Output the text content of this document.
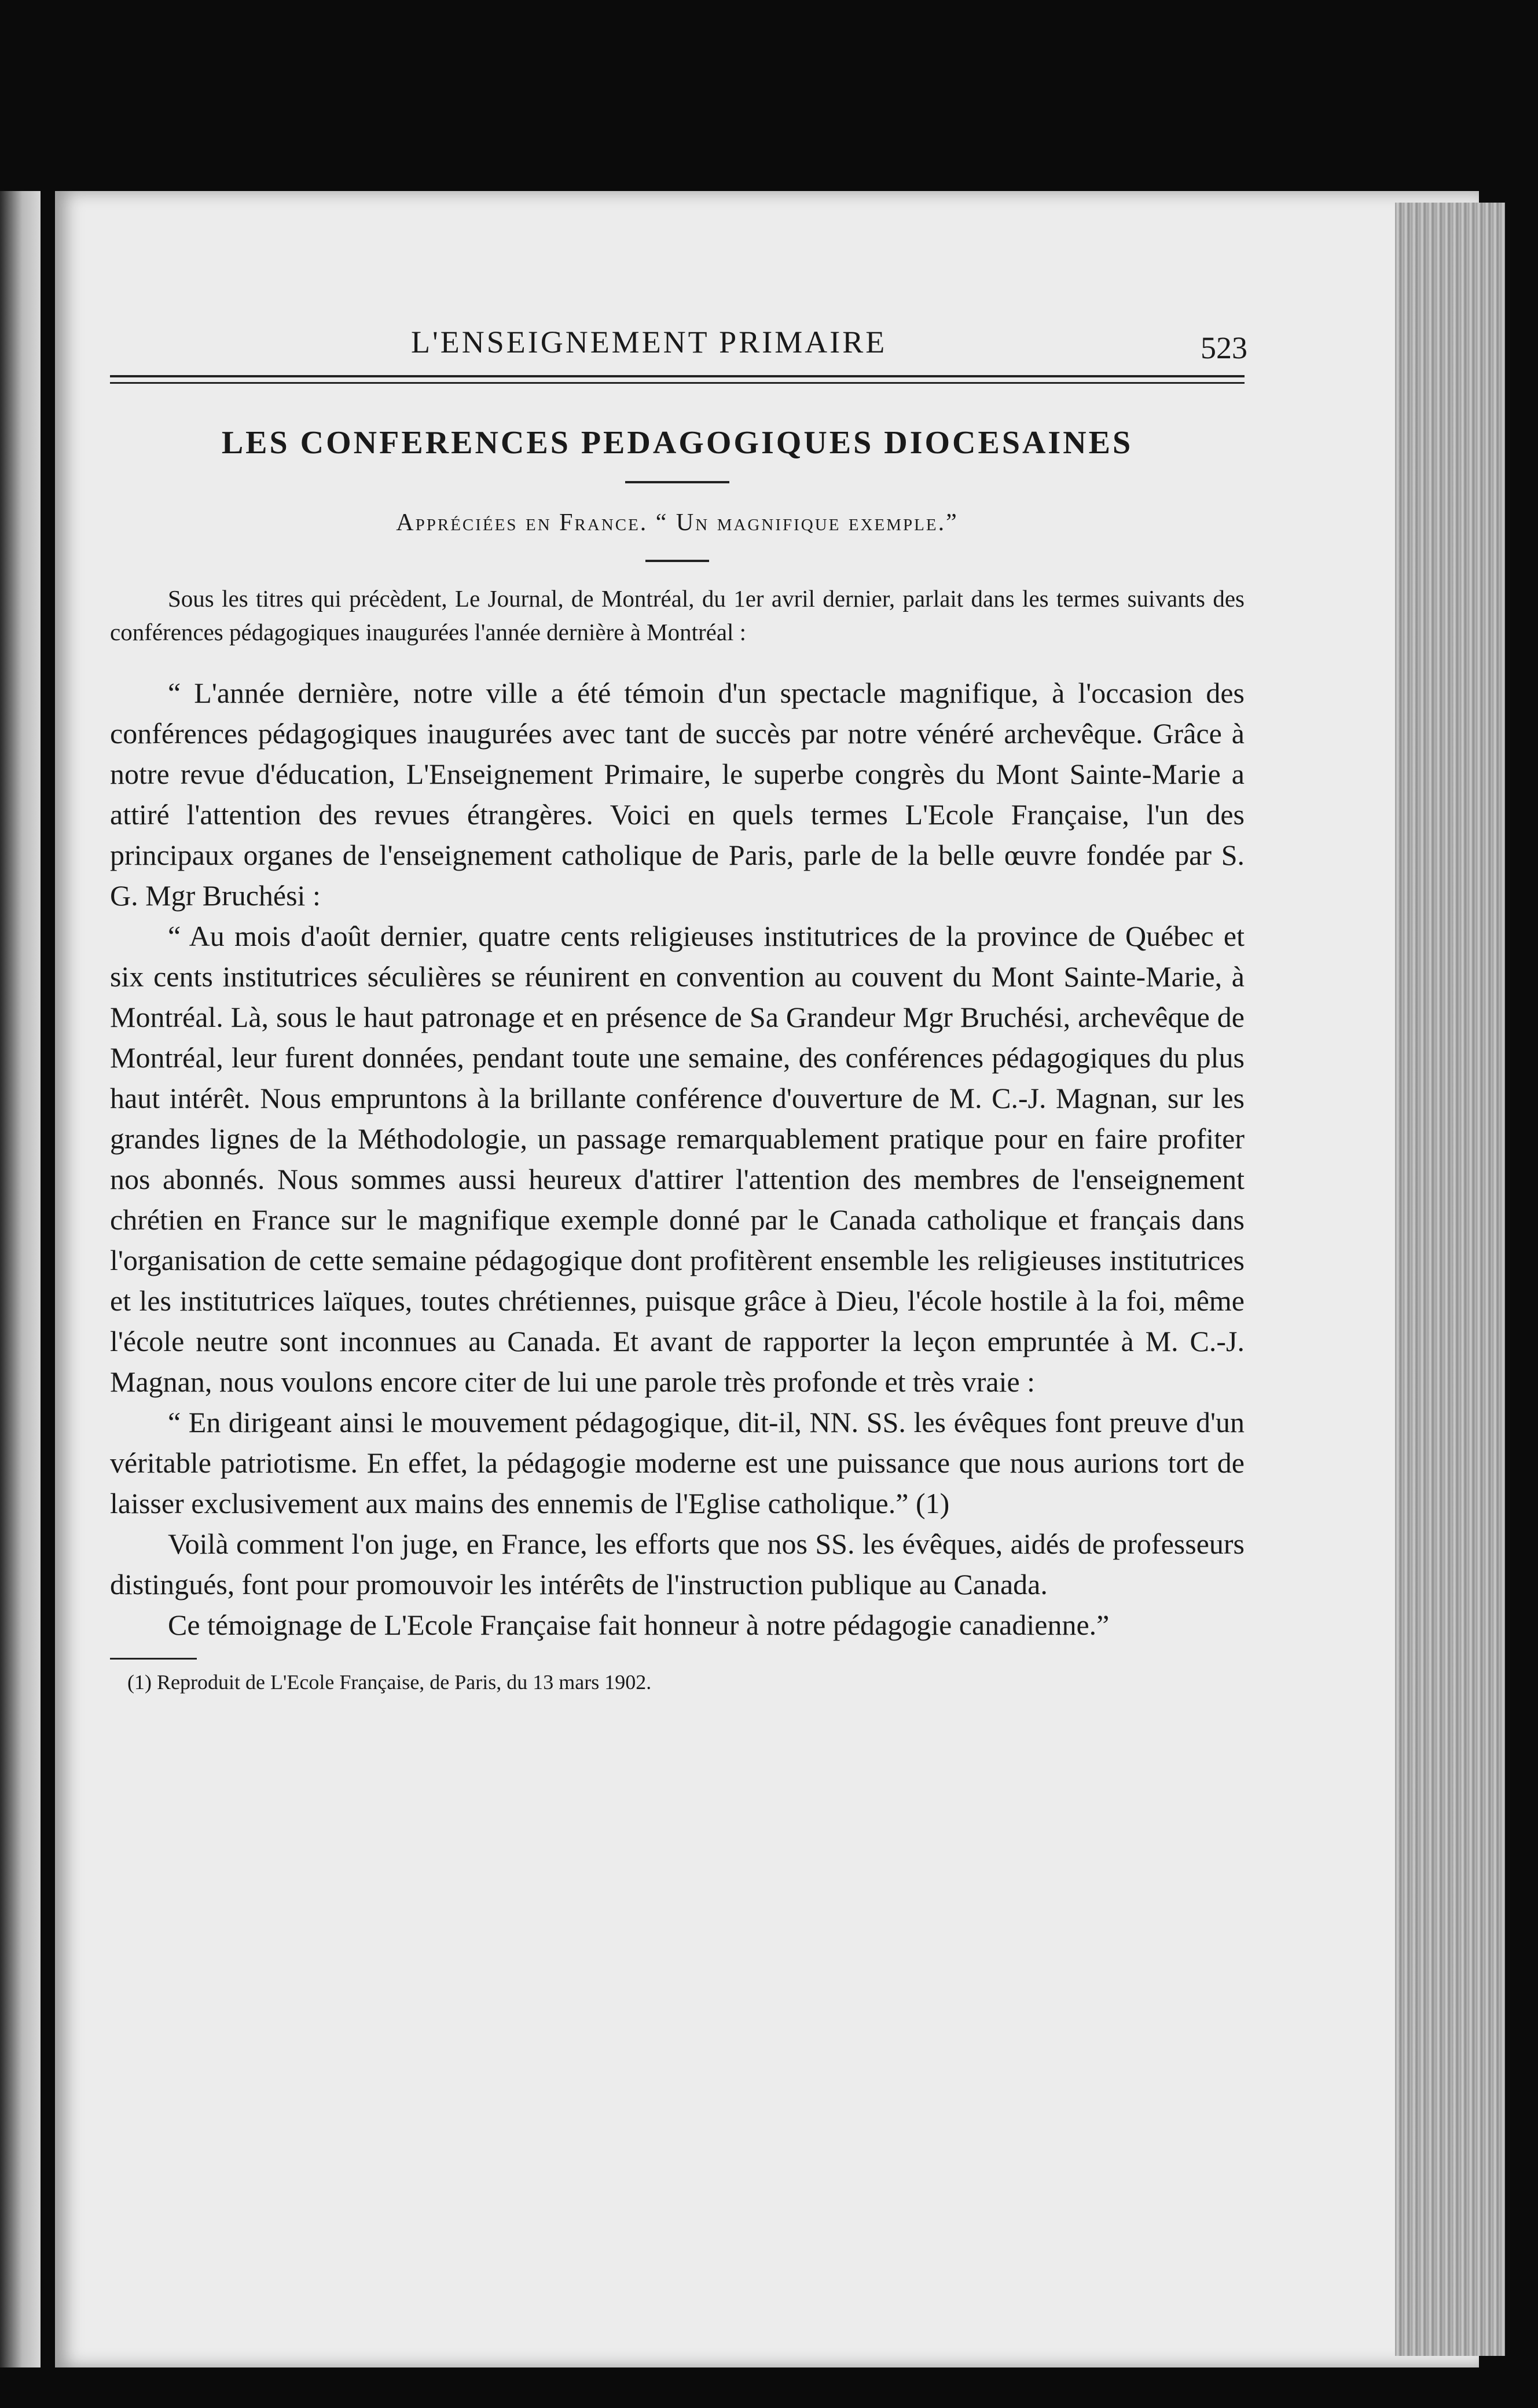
L'ENSEIGNEMENT PRIMAIRE	523
LES CONFERENCES PEDAGOGIQUES DIOCESAINES
Appréciées en France. “ Un magnifique exemple.”

Sous les titres qui précèdent, Le Journal, de Montréal, du 1er avril dernier, parlait dans les termes suivants des conférences pédagogiques inaugurées l'année dernière à Montréal :

“ L'année dernière, notre ville a été témoin d'un spectacle magnifique, à l'occasion des conférences pédagogiques inaugurées avec tant de succès par notre vénéré archevêque. Grâce à notre revue d'éducation, L'Enseignement Primaire, le superbe congrès du Mont Sainte-Marie a attiré l'attention des revues étrangères. Voici en quels termes L'Ecole Française, l'un des principaux organes de l'enseignement catholique de Paris, parle de la belle œuvre fondée par S. G. Mgr Bruchési :

“ Au mois d'août dernier, quatre cents religieuses institutrices de la province de Québec et six cents institutrices séculières se réunirent en convention au couvent du Mont Sainte-Marie, à Montréal. Là, sous le haut patronage et en présence de Sa Grandeur Mgr Bruchési, archevêque de Montréal, leur furent données, pendant toute une semaine, des conférences pédagogiques du plus haut intérêt. Nous empruntons à la brillante conférence d'ouverture de M. C.-J. Magnan, sur les grandes lignes de la Méthodologie, un passage remarquablement pratique pour en faire profiter nos abonnés. Nous sommes aussi heureux d'attirer l'attention des membres de l'enseignement chrétien en France sur le magnifique exemple donné par le Canada catholique et français dans l'organisation de cette semaine pédagogique dont profitèrent ensemble les religieuses institutrices et les institutrices laïques, toutes chrétiennes, puisque grâce à Dieu, l'école hostile à la foi, même l'école neutre sont inconnues au Canada. Et avant de rapporter la leçon empruntée à M. C.-J. Magnan, nous voulons encore citer de lui une parole très profonde et très vraie :

“ En dirigeant ainsi le mouvement pédagogique, dit-il, NN. SS. les évêques font preuve d'un véritable patriotisme. En effet, la pédagogie moderne est une puissance que nous aurions tort de laisser exclusivement aux mains des ennemis de l'Eglise catholique.” (1)

Voilà comment l'on juge, en France, les efforts que nos SS. les évêques, aidés de professeurs distingués, font pour promouvoir les intérêts de l'instruction publique au Canada.

Ce témoignage de L'Ecole Française fait honneur à notre pédagogie canadienne.”

(1) Reproduit de L'Ecole Française, de Paris, du 13 mars 1902.
